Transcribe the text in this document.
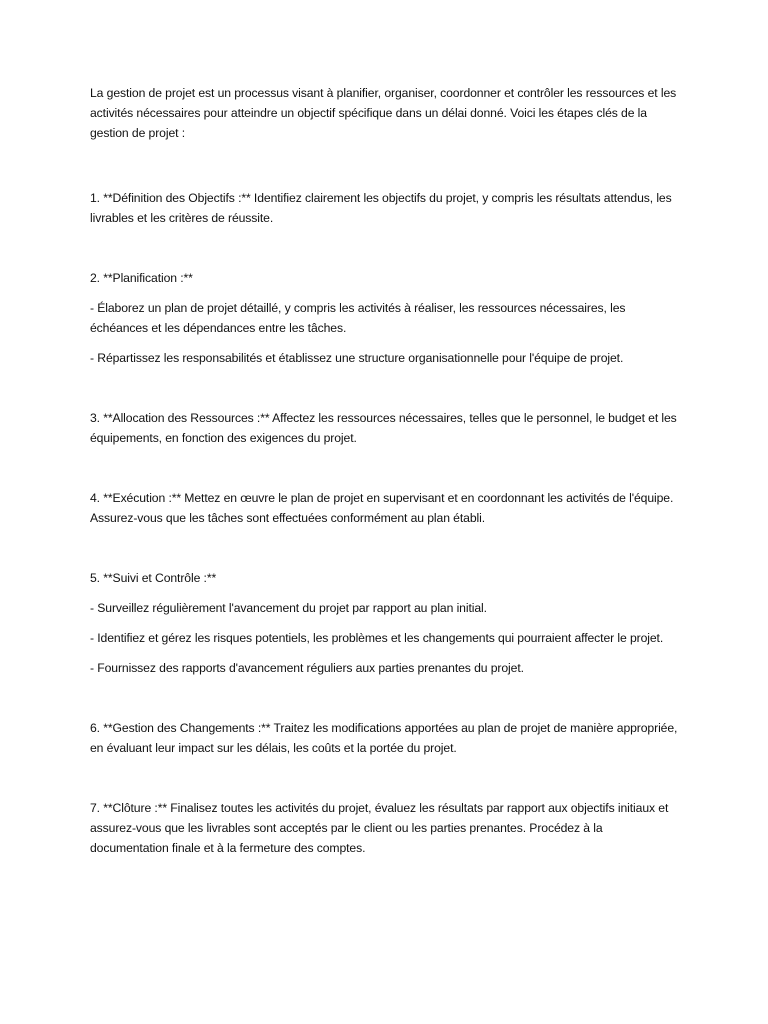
La gestion de projet est un processus visant à planifier, organiser, coordonner et contrôler les ressources et les activités nécessaires pour atteindre un objectif spécifique dans un délai donné. Voici les étapes clés de la gestion de projet :

1. **Définition des Objectifs :** Identifiez clairement les objectifs du projet, y compris les résultats attendus, les livrables et les critères de réussite.

2. **Planification :**

- Élaborez un plan de projet détaillé, y compris les activités à réaliser, les ressources nécessaires, les échéances et les dépendances entre les tâches.

- Répartissez les responsabilités et établissez une structure organisationnelle pour l'équipe de projet.

3. **Allocation des Ressources :** Affectez les ressources nécessaires, telles que le personnel, le budget et les équipements, en fonction des exigences du projet.

4. **Exécution :** Mettez en œuvre le plan de projet en supervisant et en coordonnant les activités de l'équipe. Assurez-vous que les tâches sont effectuées conformément au plan établi.

5. **Suivi et Contrôle :**

- Surveillez régulièrement l'avancement du projet par rapport au plan initial.

- Identifiez et gérez les risques potentiels, les problèmes et les changements qui pourraient affecter le projet.

- Fournissez des rapports d'avancement réguliers aux parties prenantes du projet.

6. **Gestion des Changements :** Traitez les modifications apportées au plan de projet de manière appropriée, en évaluant leur impact sur les délais, les coûts et la portée du projet.

7. **Clôture :** Finalisez toutes les activités du projet, évaluez les résultats par rapport aux objectifs initiaux et assurez-vous que les livrables sont acceptés par le client ou les parties prenantes. Procédez à la documentation finale et à la fermeture des comptes.
